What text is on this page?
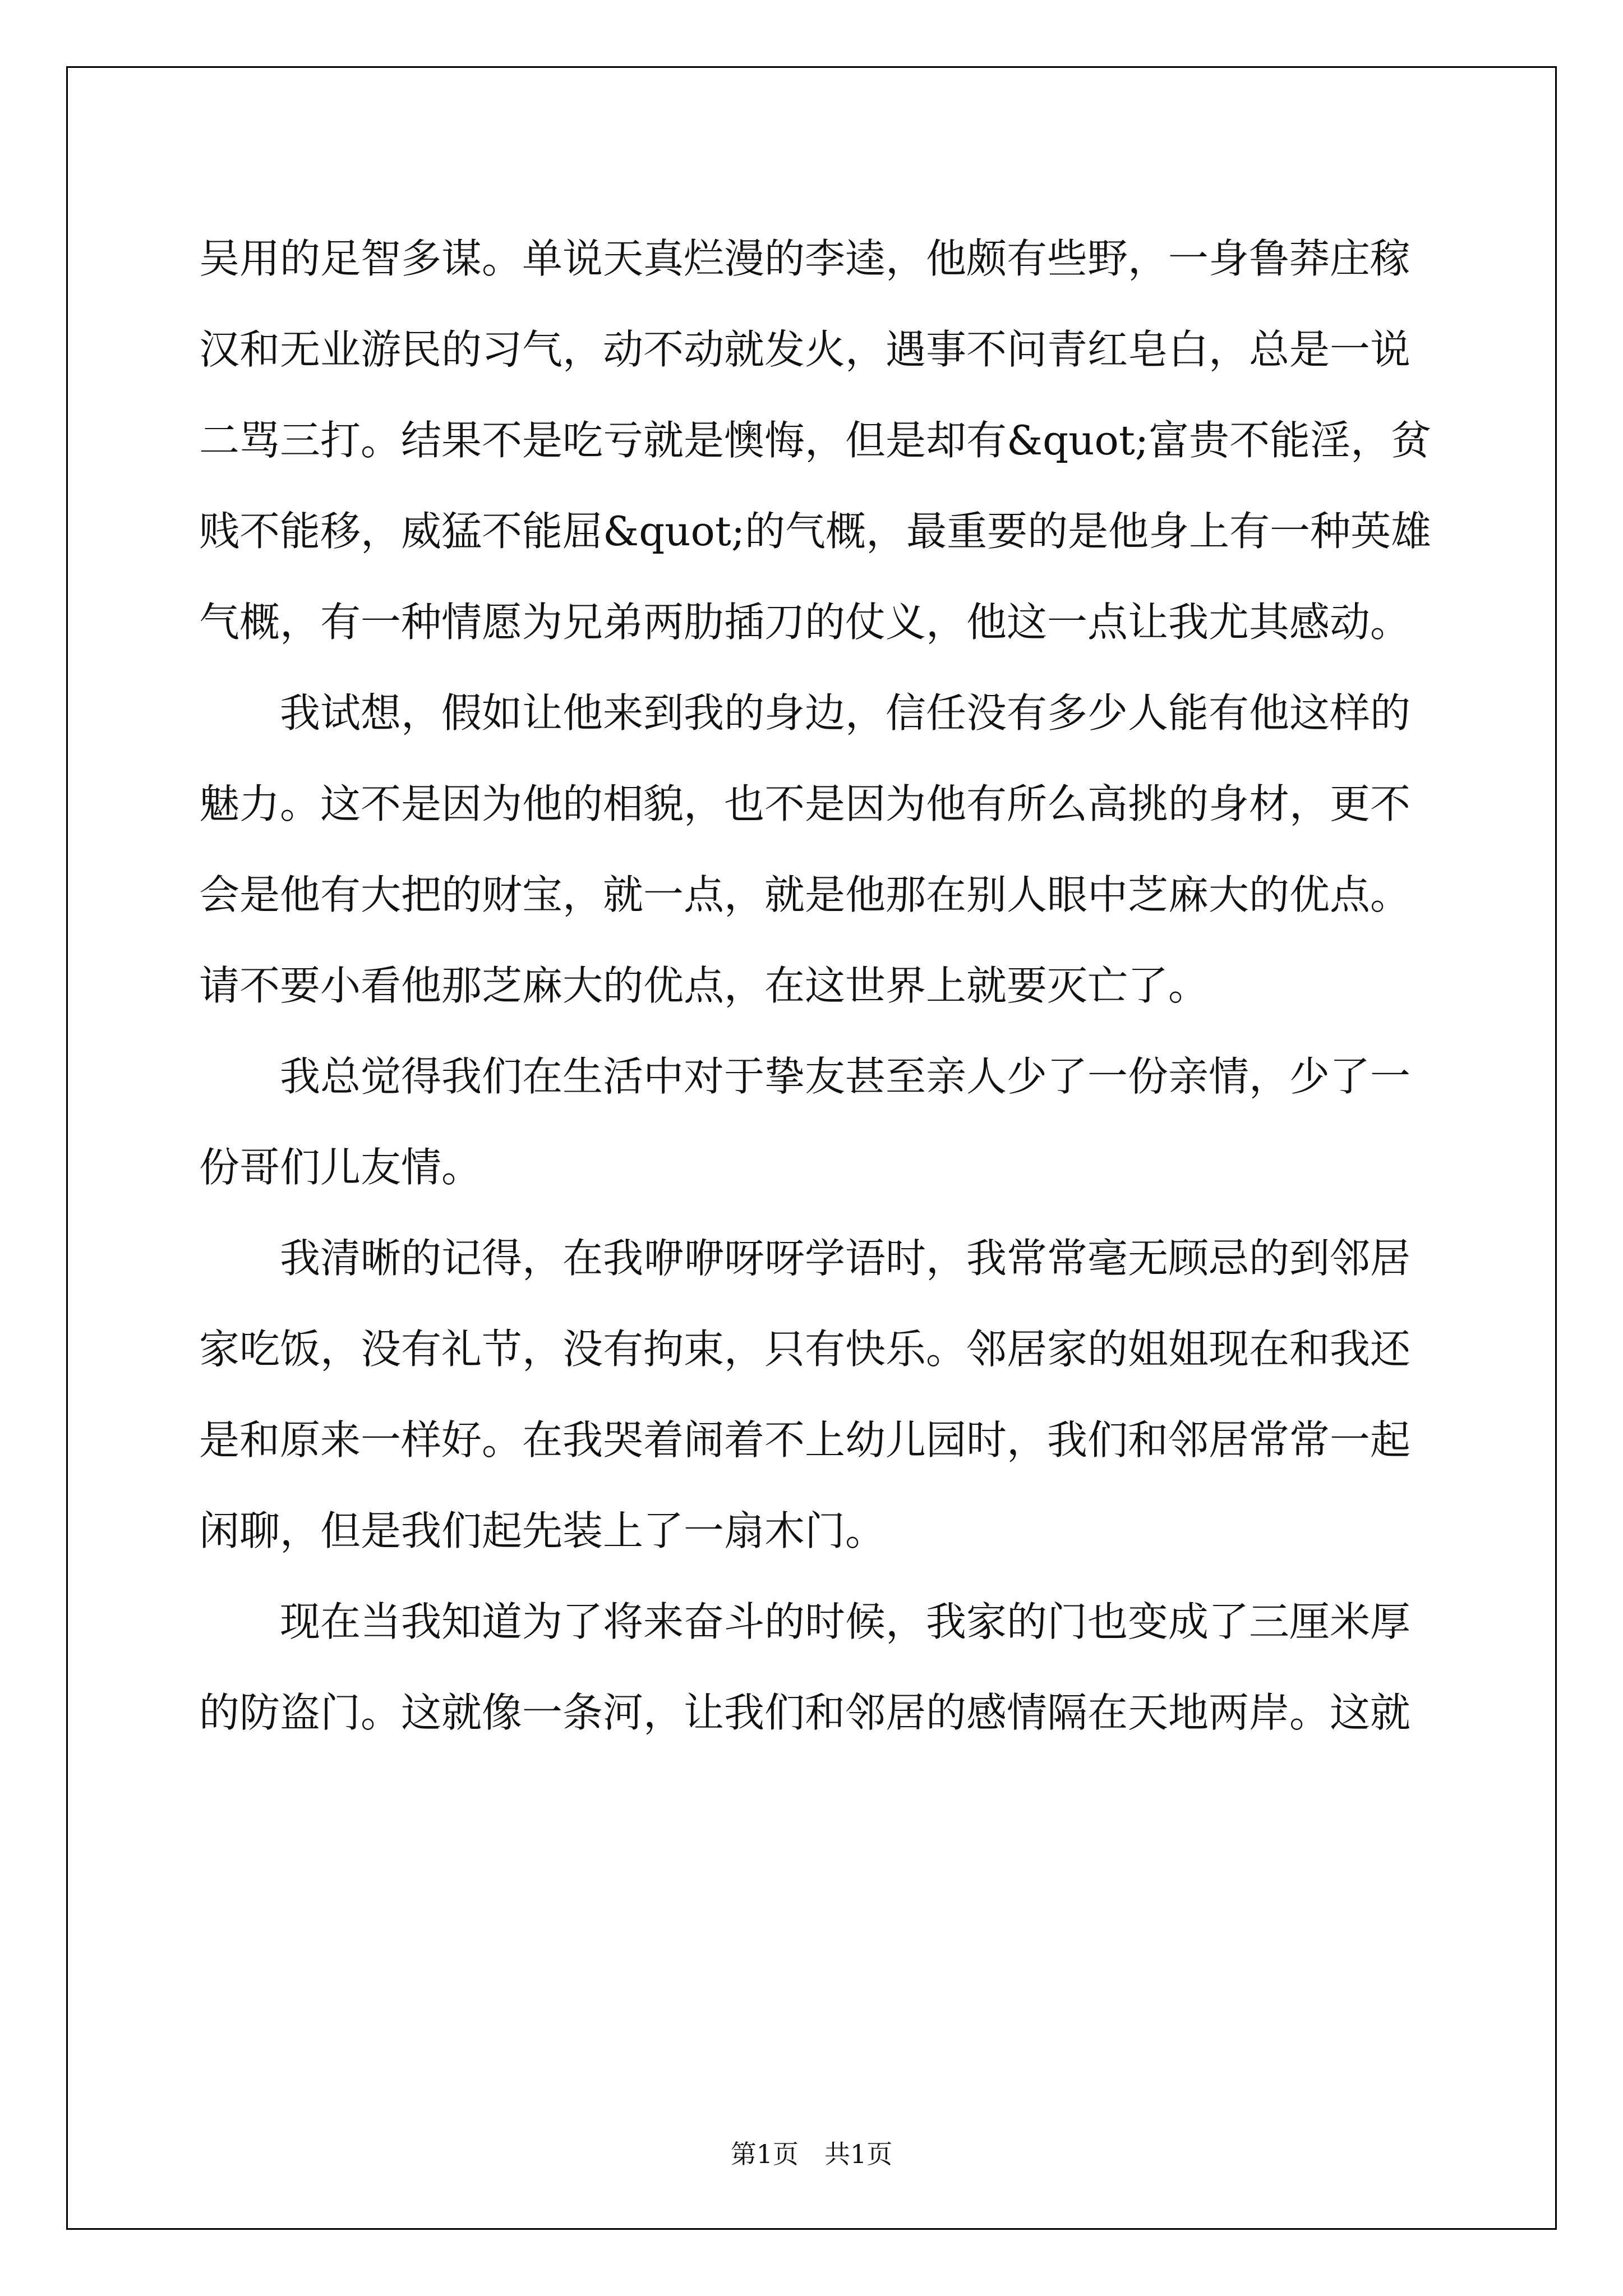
吴用的足智多谋。单说天真烂漫的李逵，他颇有些野，一身鲁莽庄稼
汉和无业游民的习气，动不动就发火，遇事不问青红皂白，总是一说
二骂三打。结果不是吃亏就是懊悔，但是却有&quot;富贵不能淫，贫
贱不能移，威猛不能屈&quot;的气概，最重要的是他身上有一种英雄
气概，有一种情愿为兄弟两肋插刀的仗义，他这一点让我尤其感动。
我试想，假如让他来到我的身边，信任没有多少人能有他这样的
魅力。这不是因为他的相貌，也不是因为他有所么高挑的身材，更不
会是他有大把的财宝，就一点，就是他那在别人眼中芝麻大的优点。
请不要小看他那芝麻大的优点，在这世界上就要灭亡了。
我总觉得我们在生活中对于挚友甚至亲人少了一份亲情，少了一
份哥们儿友情。
我清晰的记得，在我咿咿呀呀学语时，我常常毫无顾忌的到邻居
家吃饭，没有礼节，没有拘束，只有快乐。邻居家的姐姐现在和我还
是和原来一样好。在我哭着闹着不上幼儿园时，我们和邻居常常一起
闲聊，但是我们起先装上了一扇木门。
现在当我知道为了将来奋斗的时候，我家的门也变成了三厘米厚
的防盗门。这就像一条河，让我们和邻居的感情隔在天地两岸。这就
第1页　共1页
